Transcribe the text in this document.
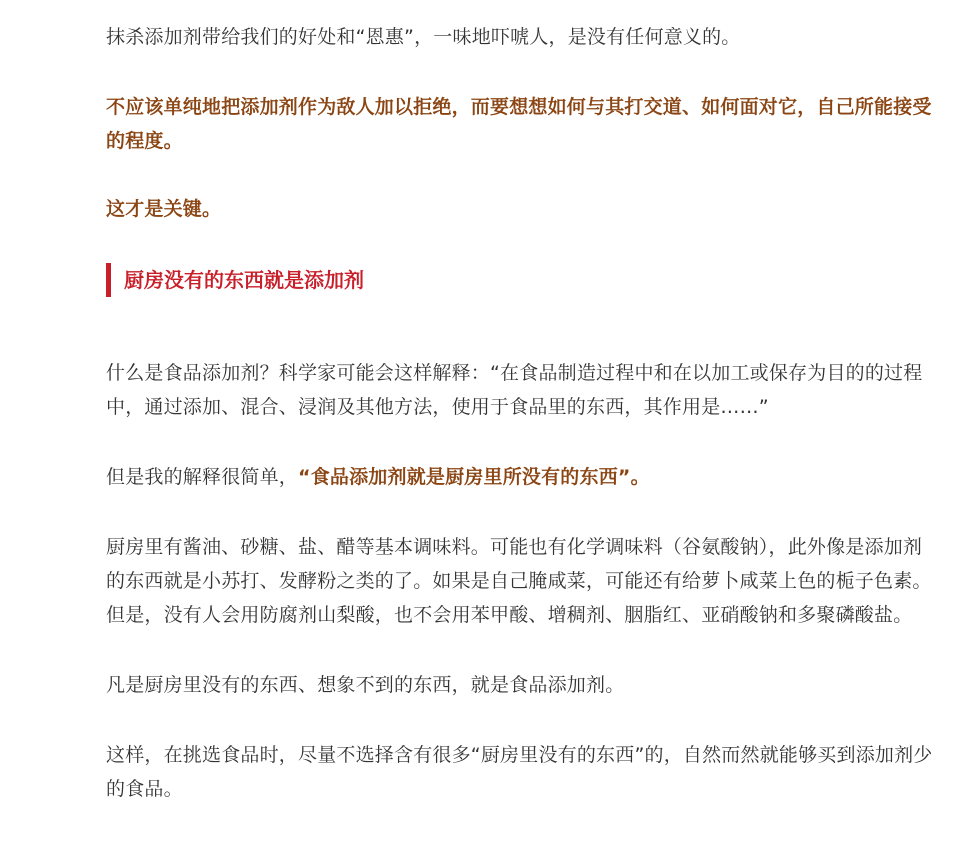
抹杀添加剂带给我们的好处和“恩惠”，一味地吓唬人，是没有任何意义的。

不应该单纯地把添加剂作为敌人加以拒绝，而要想想如何与其打交道、如何面对它，自己所能接受的程度。

这才是关键。

厨房没有的东西就是添加剂

什么是食品添加剂？科学家可能会这样解释：“在食品制造过程中和在以加工或保存为目的的过程中，通过添加、混合、浸润及其他方法，使用于食品里的东西，其作用是……”

但是我的解释很简单，“食品添加剂就是厨房里所没有的东西”。

厨房里有酱油、砂糖、盐、醋等基本调味料。可能也有化学调味料（谷氨酸钠），此外像是添加剂的东西就是小苏打、发酵粉之类的了。如果是自己腌咸菜，可能还有给萝卜咸菜上色的栀子色素。但是，没有人会用防腐剂山梨酸，也不会用苯甲酸、增稠剂、胭脂红、亚硝酸钠和多聚磷酸盐。

凡是厨房里没有的东西、想象不到的东西，就是食品添加剂。

这样，在挑选食品时，尽量不选择含有很多“厨房里没有的东西”的，自然而然就能够买到添加剂少的食品。
